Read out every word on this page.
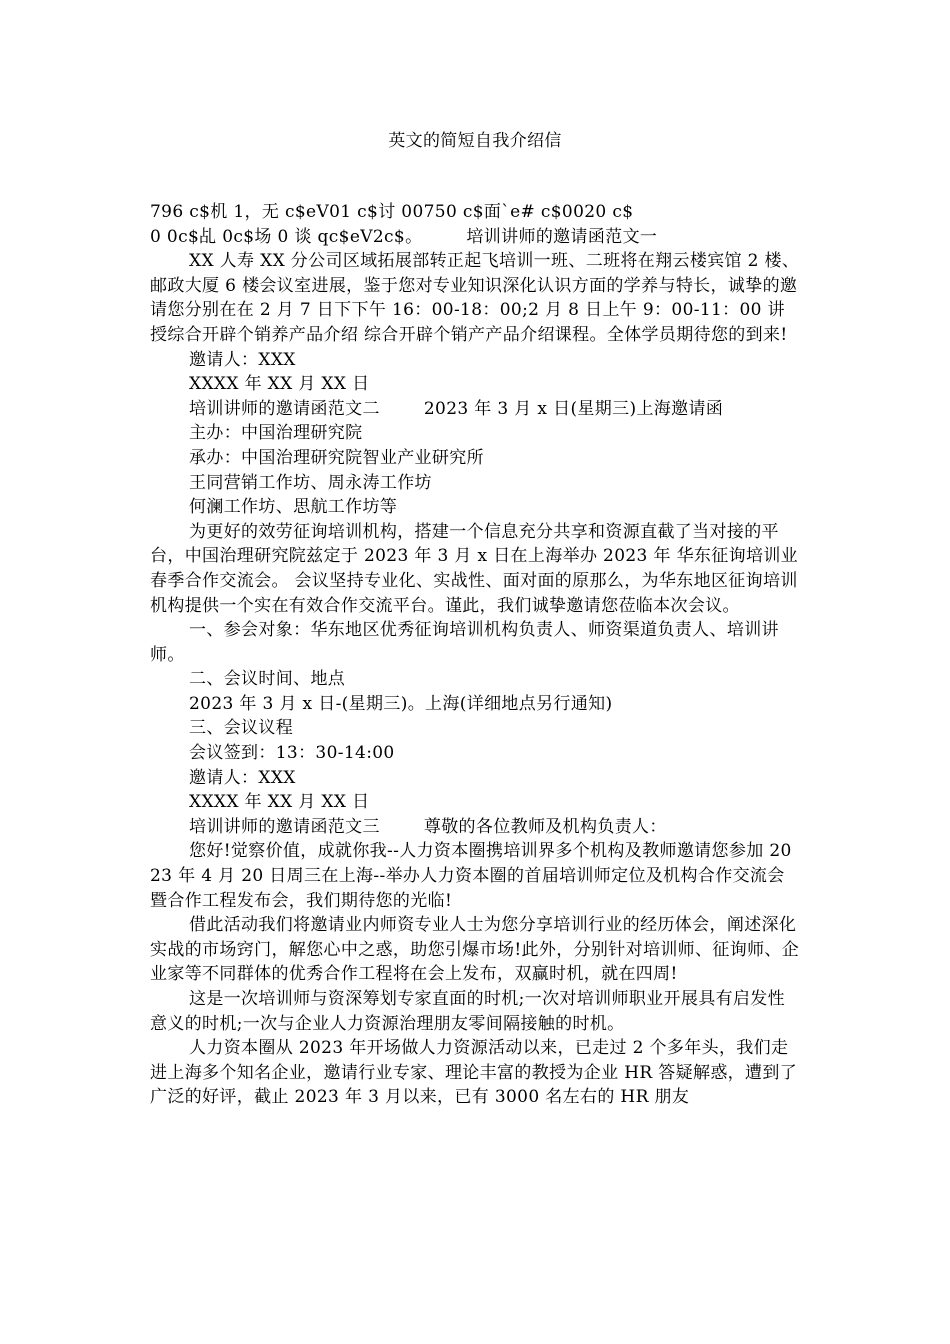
英文的简短自我介绍信

796 c$机 1，无 c$eV01 c$讨 00750 c$面`e# c$0020 c$

0 0c$乩 0c$场 0 谈 qc$eV2c$。	培训讲师的邀请函范文一

XX 人寿 XX 分公司区域拓展部转正起飞培训一班、二班将在翔云楼宾馆 2 楼、邮政大厦 6 楼会议室进展，鉴于您对专业知识深化认识方面的学养与特长，诚挚的邀请您分别在在 2 月 7 日下下午 16：00-18：00;2 月 8 日上午 9：00-11：00 讲授综合开辟个销养产品介绍 综合开辟个销产产品介绍课程。全体学员期待您的到来!

邀请人：XXX

XXXX 年 XX 月 XX 日

培训讲师的邀请函范文二	2023 年 3 月 x 日(星期三)上海邀请函

主办：中国治理研究院

承办：中国治理研究院智业产业研究所

王同营销工作坊、周永涛工作坊

何澜工作坊、思航工作坊等

为更好的效劳征询培训机构，搭建一个信息充分共享和资源直截了当对接的平台，中国治理研究院兹定于 2023 年 3 月 x 日在上海举办 2023 年 华东征询培训业春季合作交流会。 会议坚持专业化、实战性、面对面的原那么，为华东地区征询培训机构提供一个实在有效合作交流平台。谨此，我们诚挚邀请您莅临本次会议。

一、参会对象：华东地区优秀征询培训机构负责人、师资渠道负责人、培训讲师。

二、会议时间、地点

2023 年 3 月 x 日-(星期三)。上海(详细地点另行通知)

三、会议议程

会议签到：13：30-14:00

邀请人：XXX

XXXX 年 XX 月 XX 日

培训讲师的邀请函范文三	尊敬的各位教师及机构负责人：

您好!觉察价值，成就你我--人力资本圈携培训界多个机构及教师邀请您参加 2023 年 4 月 20 日周三在上海--举办人力资本圈的首届培训师定位及机构合作交流会暨合作工程发布会，我们期待您的光临!

借此活动我们将邀请业内师资专业人士为您分享培训行业的经历体会，阐述深化实战的市场窍门，解您心中之惑，助您引爆市场!此外，分别针对培训师、征询师、企业家等不同群体的优秀合作工程将在会上发布，双赢时机，就在四周!

这是一次培训师与资深筹划专家直面的时机;一次对培训师职业开展具有启发性意义的时机;一次与企业人力资源治理朋友零间隔接触的时机。

人力资本圈从 2023 年开场做人力资源活动以来，已走过 2 个多年头，我们走进上海多个知名企业，邀请行业专家、理论丰富的教授为企业 HR 答疑解惑，遭到了广泛的好评，截止 2023 年 3 月以来，已有 3000 名左右的 HR 朋友
